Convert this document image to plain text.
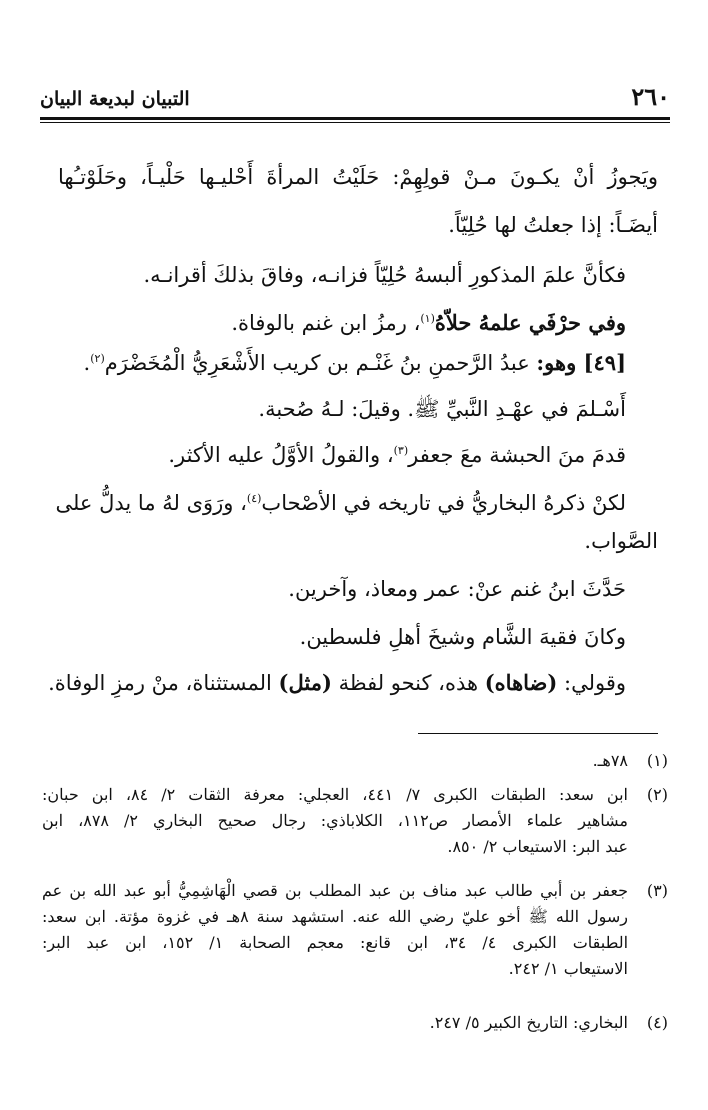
٢٦٠
التبيان لبديعة البيان
ويَجوزُ أنْ يكـونَ مـنْ قولِهِمْ: حَلَيْتُ المرأةَ أَحْليـها حَلْيـاً، وحَلَوْتـُها
أيضَـاً: إذا جعلتُ لها حُلِيّاً.
فكأنَّ علمَ المذكورِ ألبسهُ حُلِيّاً فزانـه، وفاقَ بذلكَ أقرانـه.
وفي حرْفَي علمهُ حلاّهُ$^{(١)}$، رمزُ ابن غنم بالوفاة.
[٤٩] وهو: عبدُ الرَّحمنِ بنُ غَنْـم بن كريب الأَشْعَرِيُّ الْمُخَضْرَم$^{(٢)}$.
أَسْـلمَ في عهْـدِ النَّبيِّ ﷺ. وقيلَ: لـهُ صُحبة.
قدمَ منَ الحبشة معَ جعفر$^{(٣)}$، والقولُ الأوَّلُ عليه الأكثر.
لكنْ ذكرهُ البخاريُّ في تاريخه في الأصْحاب$^{(٤)}$، ورَوَى لهُ ما يدلُّ على
الصَّواب.
حَدَّثَ ابنُ غنم عنْ: عمر ومعاذ، وآخرين.
وكانَ فقيهَ الشَّام وشيخَ أهلِ فلسطين.
وقولي: (ضاهاه) هذه، كنحو لفظة (مثل) المستثناة، منْ رمزِ الوفاة.
(١)
٧٨هـ.
(٢)
ابن سعد: الطبقات الكبرى ٧/ ٤٤١، العجلي: معرفة الثقات ٢/ ٨٤، ابن حبان:
مشاهير علماء الأمصار ص١١٢، الكلاباذي: رجال صحيح البخاري ٢/ ٨٧٨، ابن
عبد البر: الاستيعاب ٢/ ٨٥٠.
(٣)
جعفر بن أبي طالب عبد مناف بن عبد المطلب بن قصي الْهَاشِمِيُّ أبو عبد الله بن عم
رسول الله ﷺ أخو عليّ رضي الله عنه. استشهد سنة ٨هـ في غزوة مؤتة. ابن سعد:
الطبقات الكبرى ٤/ ٣٤، ابن قانع: معجم الصحابة ١/ ١٥٢، ابن عبد البر:
الاستيعاب ١/ ٢٤٢.
(٤)
البخاري: التاريخ الكبير ٥/ ٢٤٧.
